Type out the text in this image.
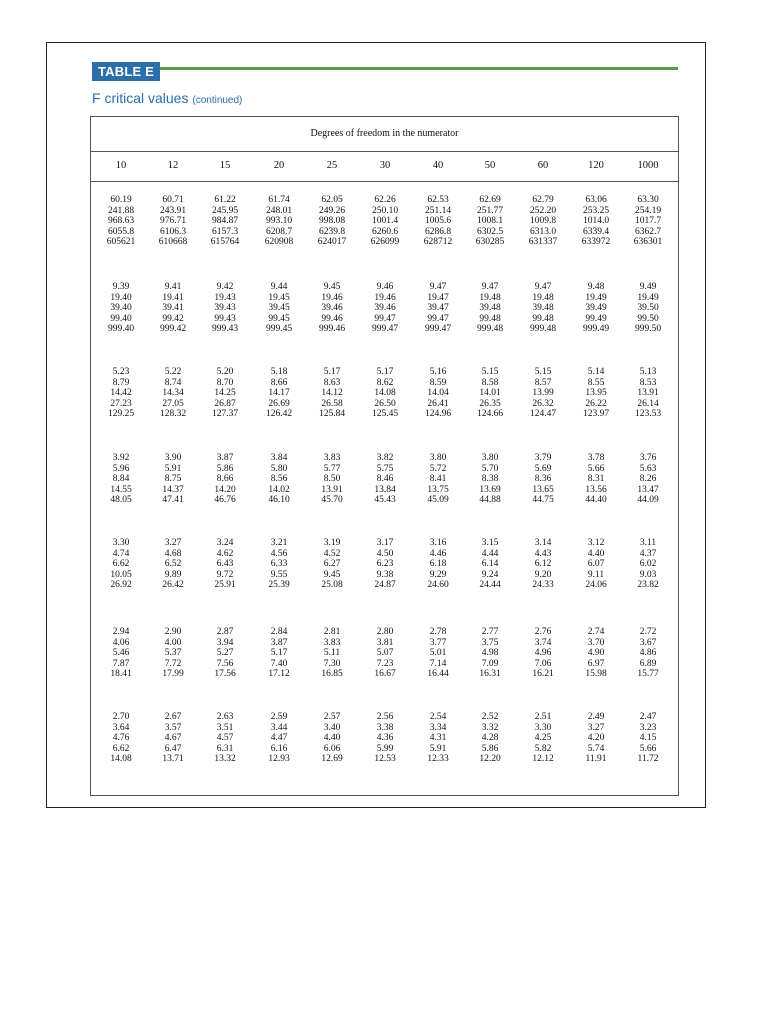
TABLE E
F critical values (continued)
Degrees of freedom in the numerator
10	12	15	20	25	30	40	50	60	120	1000
60.19	60.71	61.22	61.74	62.05	62.26	62.53	62.69	62.79	63.06	63.30
241.88	243.91	245.95	248.01	249.26	250.10	251.14	251.77	252.20	253.25	254.19
968.63	976.71	984.87	993.10	998.08	1001.4	1005.6	1008.1	1009.8	1014.0	1017.7
6055.8	6106.3	6157.3	6208.7	6239.8	6260.6	6286.8	6302.5	6313.0	6339.4	6362.7
605621	610668	615764	620908	624017	626099	628712	630285	631337	633972	636301
9.39	9.41	9.42	9.44	9.45	9.46	9.47	9.47	9.47	9.48	9.49
19.40	19.41	19.43	19.45	19.46	19.46	19.47	19.48	19.48	19.49	19.49
39.40	39.41	39.43	39.45	39.46	39.46	39.47	39.48	39.48	39.49	39.50
99.40	99.42	99.43	99.45	99.46	99.47	99.47	99.48	99.48	99.49	99.50
999.40	999.42	999.43	999.45	999.46	999.47	999.47	999.48	999.48	999.49	999.50
5.23	5.22	5.20	5.18	5.17	5.17	5.16	5.15	5.15	5.14	5.13
8.79	8.74	8.70	8.66	8.63	8.62	8.59	8.58	8.57	8.55	8.53
14.42	14.34	14.25	14.17	14.12	14.08	14.04	14.01	13.99	13.95	13.91
27.23	27.05	26.87	26.69	26.58	26.50	26.41	26.35	26.32	26.22	26.14
129.25	128.32	127.37	126.42	125.84	125.45	124.96	124.66	124.47	123.97	123.53
3.92	3.90	3.87	3.84	3.83	3.82	3.80	3.80	3.79	3.78	3.76
5.96	5.91	5.86	5.80	5.77	5.75	5.72	5.70	5.69	5.66	5.63
8.84	8.75	8.66	8.56	8.50	8.46	8.41	8.38	8.36	8.31	8.26
14.55	14.37	14.20	14.02	13.91	13.84	13.75	13.69	13.65	13.56	13.47
48.05	47.41	46.76	46.10	45.70	45.43	45.09	44.88	44.75	44.40	44.09
3.30	3.27	3.24	3.21	3.19	3.17	3.16	3.15	3.14	3.12	3.11
4.74	4.68	4.62	4.56	4.52	4.50	4.46	4.44	4.43	4.40	4.37
6.62	6.52	6.43	6.33	6.27	6.23	6.18	6.14	6.12	6.07	6.02
10.05	9.89	9.72	9.55	9.45	9.38	9.29	9.24	9.20	9.11	9.03
26.92	26.42	25.91	25.39	25.08	24.87	24.60	24.44	24.33	24.06	23.82
2.94	2.90	2.87	2.84	2.81	2.80	2.78	2.77	2.76	2.74	2.72
4.06	4.00	3.94	3.87	3.83	3.81	3.77	3.75	3.74	3.70	3.67
5.46	5.37	5.27	5.17	5.11	5.07	5.01	4.98	4.96	4.90	4.86
7.87	7.72	7.56	7.40	7.30	7.23	7.14	7.09	7.06	6.97	6.89
18.41	17.99	17.56	17.12	16.85	16.67	16.44	16.31	16.21	15.98	15.77
2.70	2.67	2.63	2.59	2.57	2.56	2.54	2.52	2.51	2.49	2.47
3.64	3.57	3.51	3.44	3.40	3.38	3.34	3.32	3.30	3.27	3.23
4.76	4.67	4.57	4.47	4.40	4.36	4.31	4.28	4.25	4.20	4.15
6.62	6.47	6.31	6.16	6.06	5.99	5.91	5.86	5.82	5.74	5.66
14.08	13.71	13.32	12.93	12.69	12.53	12.33	12.20	12.12	11.91	11.72
